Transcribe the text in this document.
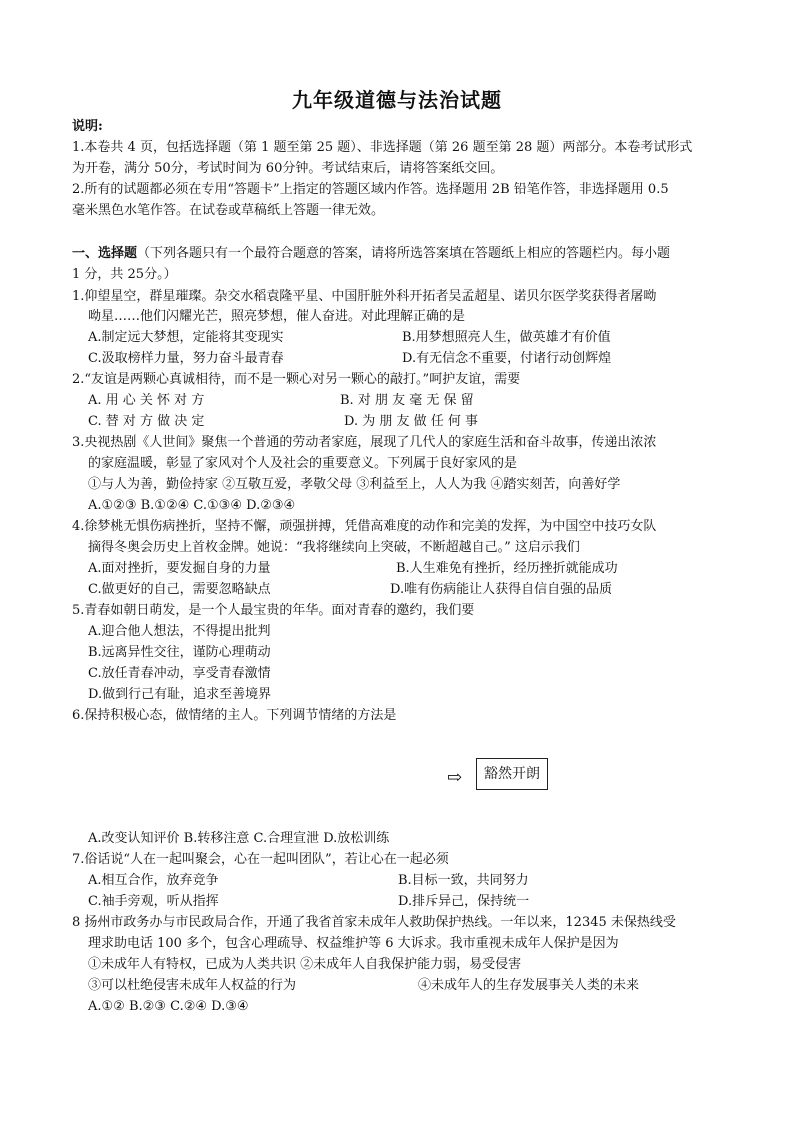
九年级道德与法治试题
说明:
1.本卷共 4 页，包括选择题（第 1 题至第 25 题）、非选择题（第 26 题至第 28 题）两部分。本卷考试形式
为开卷，满分 50分，考试时间为 60分钟。考试结束后，请将答案纸交回。
2.所有的试题都必须在专用“答题卡”上指定的答题区域内作答。选择题用 2B 铅笔作答，非选择题用 0.5
毫米黑色水笔作答。在试卷或草稿纸上答题一律无效。
一、选择题（下列各题只有一个最符合题意的答案，请将所选答案填在答题纸上相应的答题栏内。每小题
1 分，共 25分。）
1.仰望星空，群星璀璨。杂交水稻袁隆平星、中国肝脏外科开拓者吴孟超星、诺贝尔医学奖获得者屠呦
呦星……他们闪耀光芒，照亮梦想，催人奋进。对此理解正确的是
A.制定远大梦想，定能将其变现实	B.用梦想照亮人生，做英雄才有价值
C.汲取榜样力量，努力奋斗最青春	D.有无信念不重要，付诸行动创辉煌
2.“友谊是两颗心真诚相待，而不是一颗心对另一颗心的敲打。”呵护友谊，需要
A. 用 心 关 怀 对 方	B. 对 朋 友 毫 无 保 留
C. 替 对 方 做 决 定	D. 为 朋 友 做 任 何 事
3.央视热剧《人世间》聚焦一个普通的劳动者家庭，展现了几代人的家庭生活和奋斗故事，传递出浓浓
的家庭温暖，彰显了家风对个人及社会的重要意义。下列属于良好家风的是
①与人为善，勤俭持家 ②互敬互爱，孝敬父母 ③利益至上，人人为我 ④踏实刻苦，向善好学
A.①②③ B.①②④ C.①③④ D.②③④
4.徐梦桃无惧伤病挫折，坚持不懈，顽强拼搏，凭借高难度的动作和完美的发挥，为中国空中技巧女队
摘得冬奥会历史上首枚金牌。她说：“我将继续向上突破，不断超越自己。” 这启示我们
A.面对挫折，要发掘自身的力量	B.人生难免有挫折，经历挫折就能成功
C.做更好的自己，需要忽略缺点	D.唯有伤病能让人获得自信自强的品质
5.青春如朝日萌发，是一个人最宝贵的年华。面对青春的邀约，我们要
A.迎合他人想法，不得提出批判
B.远离异性交往，谨防心理萌动
C.放任青春冲动，享受青春激情
D.做到行己有耻，追求至善境界
6.保持积极心态，做情绪的主人。下列调节情绪的方法是
⇨	豁然开朗
A.改变认知评价 B.转移注意 C.合理宣泄 D.放松训练
7.俗话说“人在一起叫聚会，心在一起叫团队”，若让心在一起必须
A.相互合作，放弃竞争	B.目标一致，共同努力
C.袖手旁观，听从指挥	D.排斥异己，保持统一
8 扬州市政务办与市民政局合作，开通了我省首家未成年人救助保护热线。一年以来，12345 未保热线受
理求助电话 100 多个，包含心理疏导、权益维护等 6 大诉求。我市重视未成年人保护是因为
①未成年人有特权，已成为人类共识 ②未成年人自我保护能力弱，易受侵害
③可以杜绝侵害未成年人权益的行为	④未成年人的生存发展事关人类的未来
A.①② B.②③ C.②④ D.③④
